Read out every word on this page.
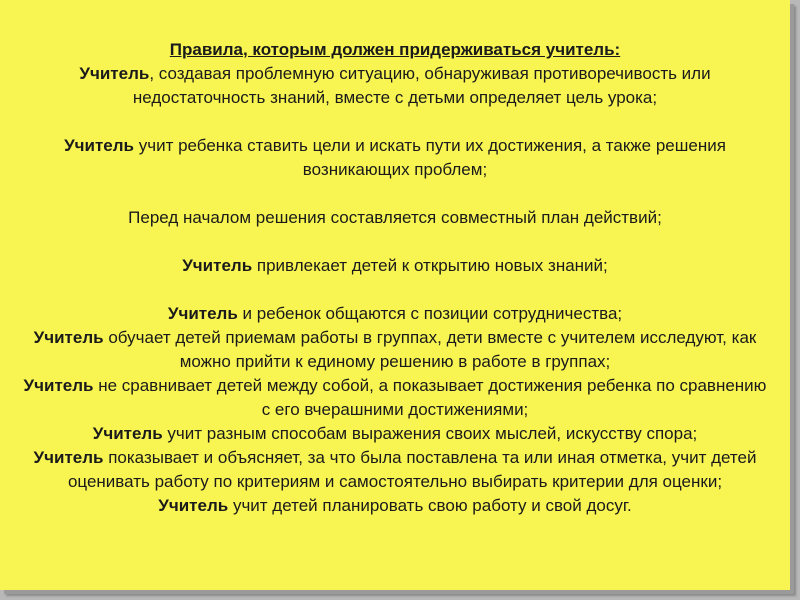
Правила, которым должен придерживаться учитель:
Учитель, создавая проблемную ситуацию, обнаруживая противоречивость или недостаточность знаний, вместе с детьми определяет цель урока;
Учитель учит ребенка ставить цели и искать пути их достижения, а также решения возникающих проблем;
Перед началом решения составляется совместный план действий;
Учитель привлекает детей к открытию новых знаний;
Учитель и ребенок общаются с позиции сотрудничества;
Учитель обучает детей приемам работы в группах, дети вместе с учителем исследуют, как можно прийти к единому решению в работе в группах;
Учитель не сравнивает детей между собой, а показывает достижения ребенка по сравнению с его вчерашними достижениями;
Учитель учит разным способам выражения своих мыслей, искусству спора;
Учитель показывает и объясняет, за что была поставлена та или иная отметка, учит детей оценивать работу по критериям и самостоятельно выбирать критерии для оценки;
Учитель учит детей планировать свою работу и свой досуг.
